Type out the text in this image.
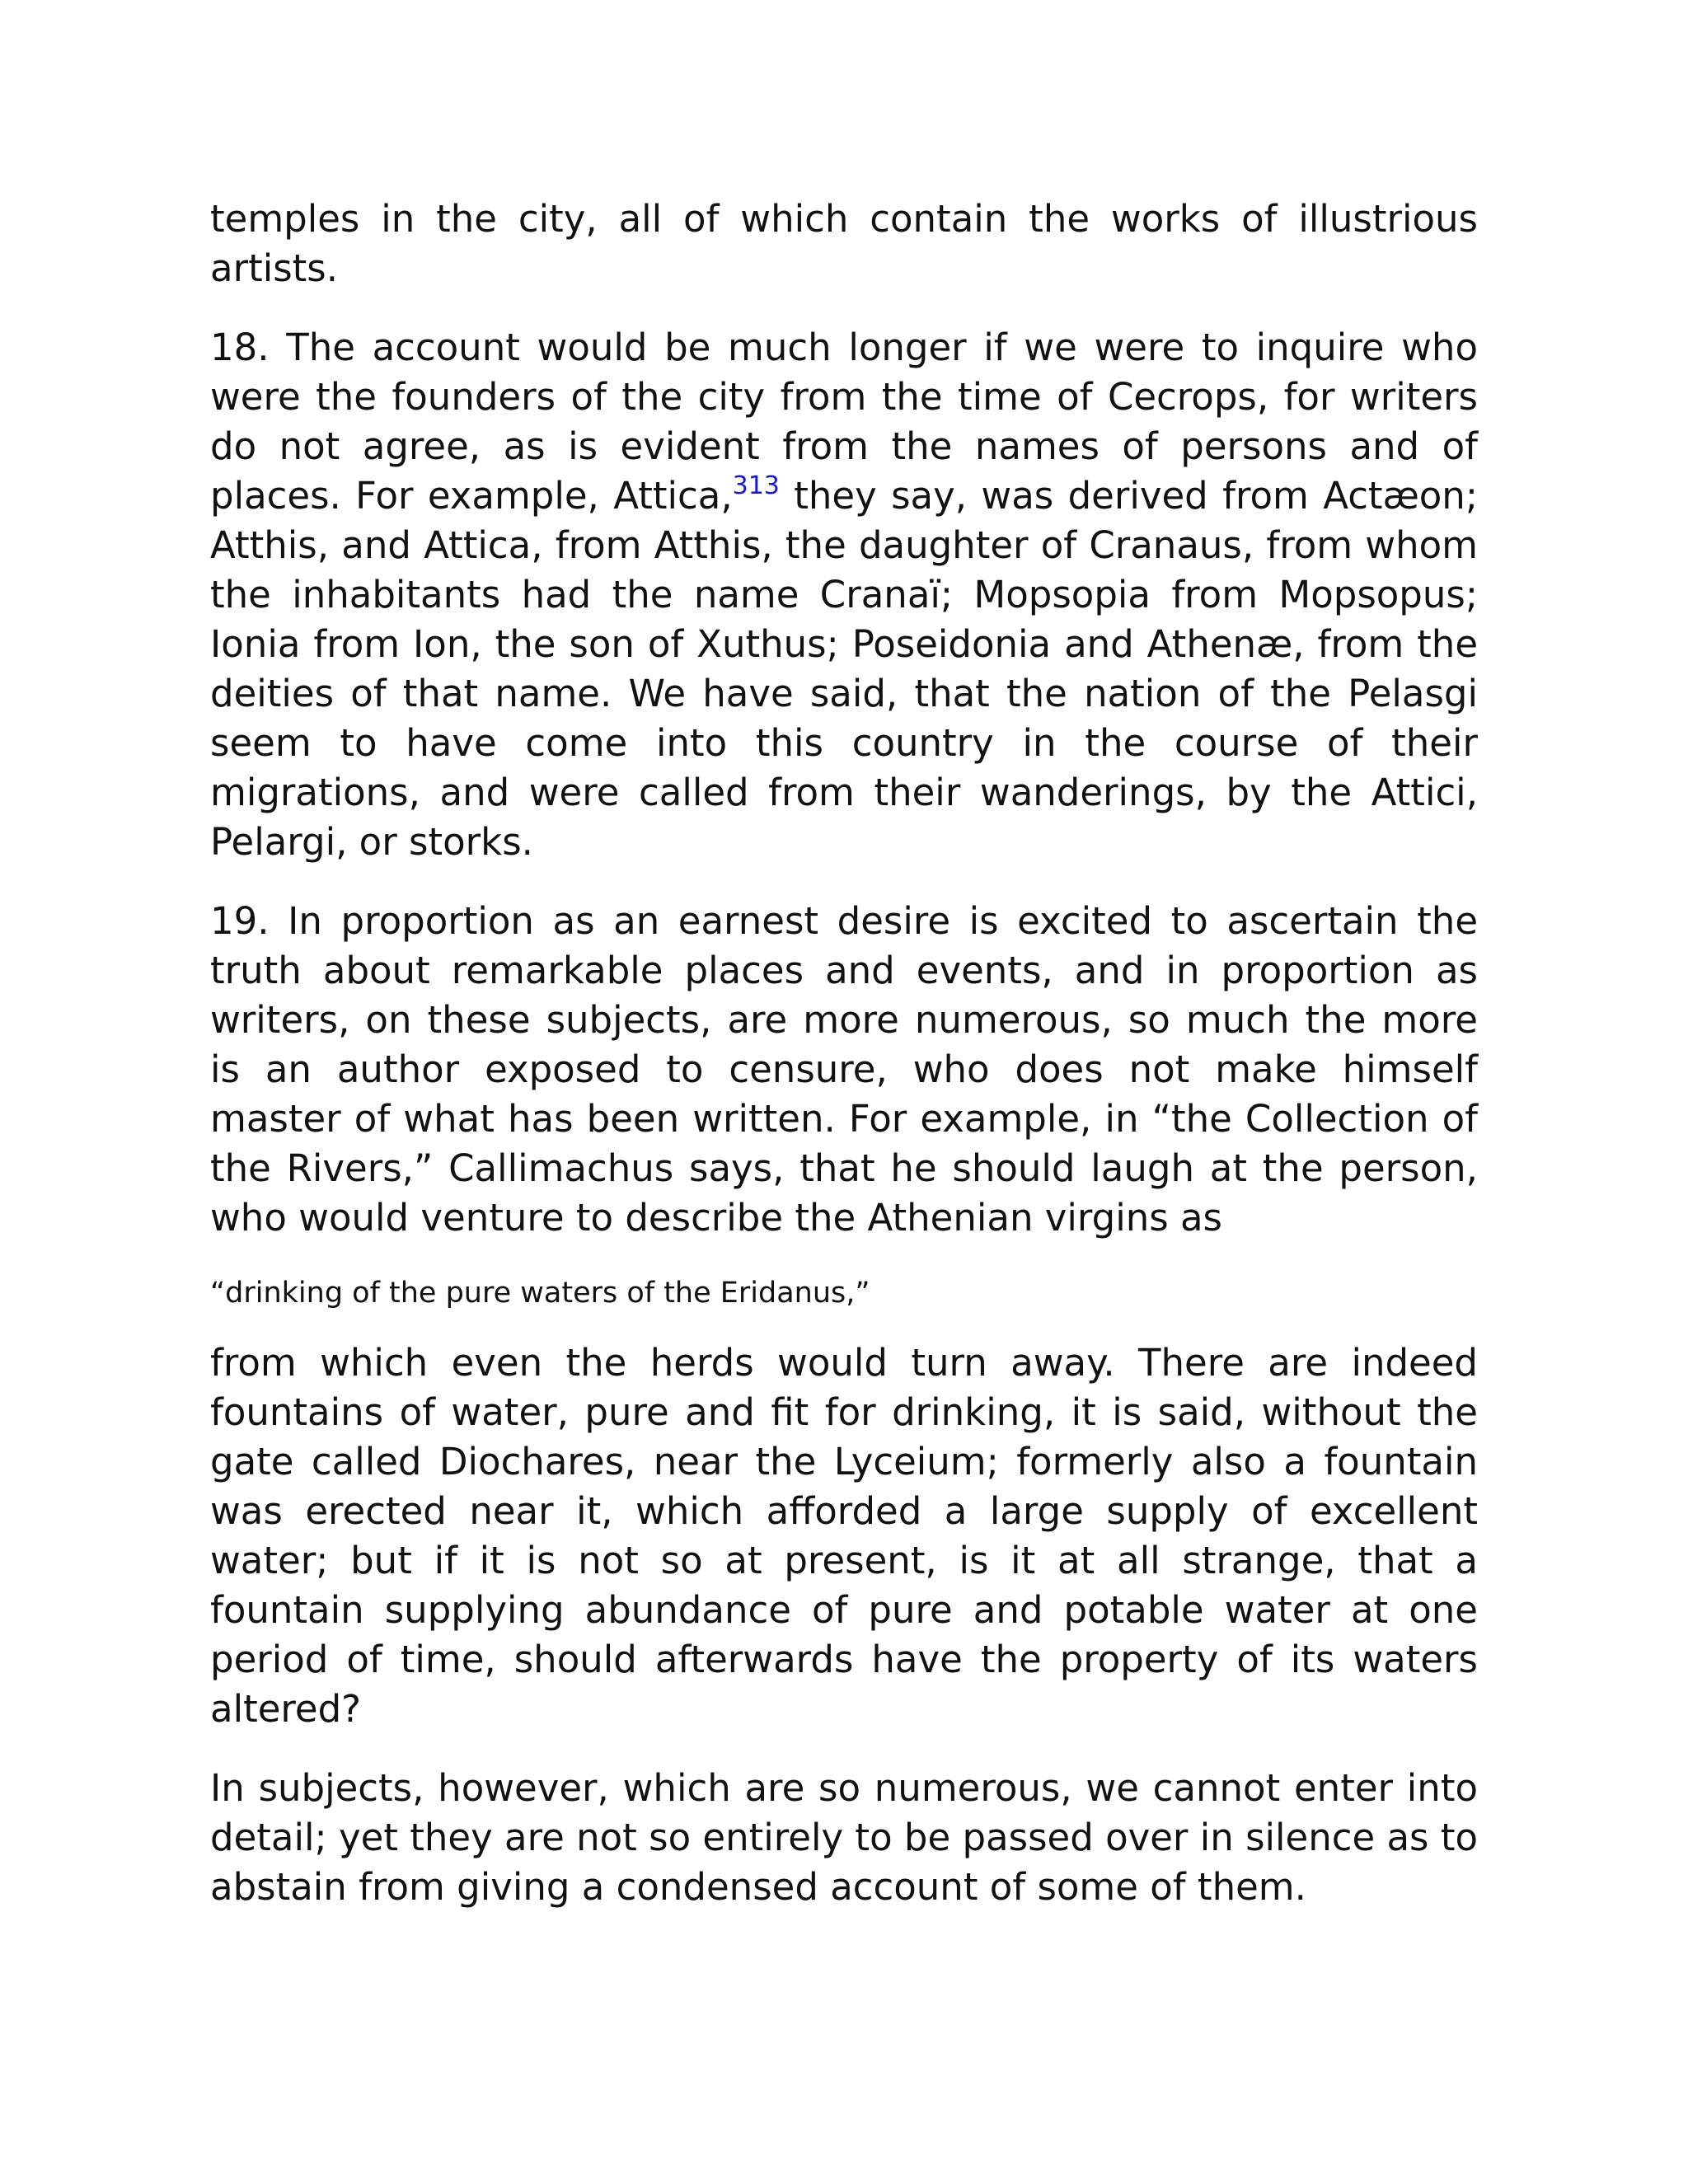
temples in the city, all of which contain the works of illustrious artists.

18. The account would be much longer if we were to inquire who were the founders of the city from the time of Cecrops, for writers do not agree, as is evident from the names of persons and of places. For example, Attica,$^{313}$ they say, was derived from Actæon; Atthis, and Attica, from Atthis, the daughter of Cranaus, from whom the inhabitants had the name Cranaï; Mopsopia from Mopsopus; Ionia from Ion, the son of Xuthus; Poseidonia and Athenæ, from the deities of that name. We have said, that the nation of the Pelasgi seem to have come into this country in the course of their migrations, and were called from their wanderings, by the Attici, Pelargi, or storks.

19. In proportion as an earnest desire is excited to ascertain the truth about remarkable places and events, and in proportion as writers, on these subjects, are more numerous, so much the more is an author exposed to censure, who does not make himself master of what has been written. For example, in “the Collection of the Rivers,” Callimachus says, that he should laugh at the person, who would venture to describe the Athenian virgins as

“drinking of the pure waters of the Eridanus,”

from which even the herds would turn away. There are indeed fountains of water, pure and fit for drinking, it is said, without the gate called Diochares, near the Lyceium; formerly also a fountain was erected near it, which afforded a large supply of excellent water; but if it is not so at present, is it at all strange, that a fountain supplying abundance of pure and potable water at one period of time, should afterwards have the property of its waters altered?

In subjects, however, which are so numerous, we cannot enter into detail; yet they are not so entirely to be passed over in silence as to abstain from giving a condensed account of some of them.
